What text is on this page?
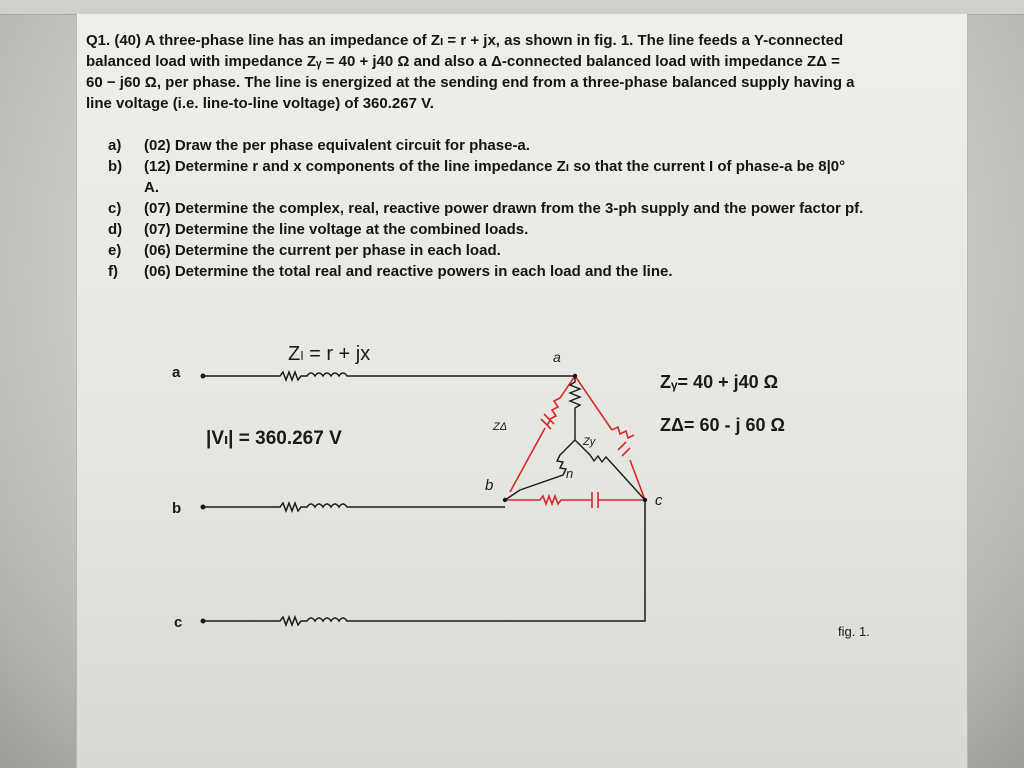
Q1. (40) A three-phase line has an impedance of Zₗ = r + jx, as shown in fig. 1. The line feeds a Y-connected

balanced load with impedance Zᵧ = 40 + j40 Ω and also a Δ-connected balanced load with impedance ZΔ =

60 − j60 Ω, per phase. The line is energized at the sending end from a three-phase balanced supply having a

line voltage (i.e. line-to-line voltage) of 360.267 V.

a)	(02) Draw the per phase equivalent circuit for phase-a.
b)	(12) Determine r and x components of the line impedance Zₗ so that the current I of phase-a be 8|0°
A.
c)	(07) Determine the complex, real, reactive power drawn from the 3-ph supply and the power factor pf.
d)	(07) Determine the line voltage at the combined loads.
e)	(06) Determine the current per phase in each load.
f)	(06) Determine the total real and reactive powers in each load and the line.
a
b
c
a
b
c
n
ZΔ
Zy
Zₗ = r + jx
|Vₗ| = 360.267 V
Zᵧ= 40 + j40 Ω
ZΔ= 60 - j 60 Ω
fig. 1.
